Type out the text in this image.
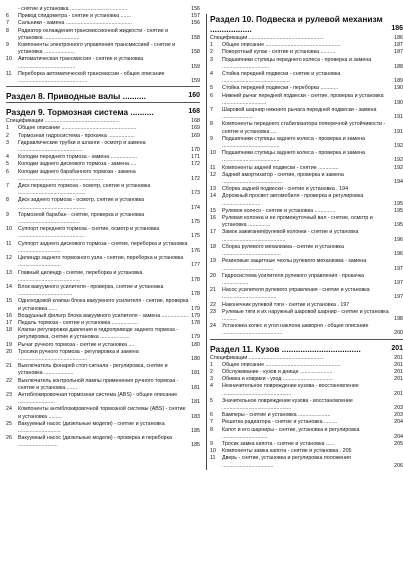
- снятие и установка .......................................	156
6	Привод спидометра - снятие и установка .......	157
7	Сальники - замена .............................................	156
8	Радиатор охлаждения трансмиссионной жидкости - снятие и установка ........................	158
9	Компоненты электронного управления трансмиссией - снятие и установка .....................	158
10	Автоматическая трансмиссия - снятие и установка .......................................	159
11	Переборка автоматической трансмиссии - общее описание ...............................................	159
Раздел 8. Приводные валы ..........	160
Раздел 9. Тормозная система ..........	168
Спецификации ...................................................	168
1	Общее описание ...................................................	169
2	Тормозная гидросистема - прокачка ..................	169
3	Гидравлические трубки и шланги - осмотр и замена ............................................	170
4	Колодки переднего тормоза - замена ..................	171
5	Колодки заднего дискового тормоза - замена ....	172
6	Колодки заднего барабанного тормоза - замена ..........................................................	172
7	Диск переднего тормоза - осмотр, снятие и установка ..............................................	173
8	Диск заднего тормоза - осмотр, снятие и установка ..............................................	174
9	Тормозной барабан - снятие, проверка и установка ..........................................	175
10	Суппорт переднего тормоза - снятие, осмотр и установка .............................................	175
11	Суппорт заднего дискового тормоза - снятие, переборка и установка .............................	176
12	Цилиндр заднего тормозного узла - снятие, переборка и установка .............................	177
13	Главный цилиндр - снятие, переборка и установка ..........................................	178
14	Блок вакуумного усилителя - проверка, снятие и установка .....................................	178
15	Одноходовой клапан блока вакуумного усилителя - снятие, проверка и установка ......	179
16	Воздушный фильтр блока вакуумного усилителя - замена .................. 179
17	Педаль тормоза - снятие и установка ..................	178
18	Клапан регулировки давления в гидроприводе заднего тормоза - регулировка, снятие и установка ....................	179
19	Рычаг ручного тормоза - снятие и установка ....	180
20	Тросики ручного тормоза - регулировка и замена ...............................................	180
21	Выключатель фонарей стоп-сигнала - регулировка, снятие и установка ....................	181
22	Выключатель контрольной лампы применения ручного тормоза - снятие и установка .......	181
23	Антиблокировочная тормозная система (ABS) - общее описание .........................	181
24	Компоненты антиблокировочной тормозной системы (ABS) - снятие и установка .........	183
25	Вакуумный насос (дизельные модели) - снятие и установка .............................	185
26	Вакуумный насос (дизельные модели) - проверка и переборка ...........................	185
Раздел 10. Подвеска и рулевой механизм ..................	186
Спецификации ...................................................	186
1	Общее описание ...................................................	187
2	Поворотный кулак - снятие и установка ..........	187
3	Подшипники ступицы переднего колеса - проверка и замена ................................	188
4	Стойка передней подвески - снятие и установка ..............................................	189
5	Стойка передней подвески - переборка ............	190
6	Нижний рычаг передней подвески - снятие, проверка и установка ..............................	190
7	Шаровой шарнир нижнего рычага передней подвески - замена .....................	191
8	Компоненты переднего стабилизатора поперечной устойчивости - снятие и установка ....	191
9	Подшипники ступицы заднего колеса - проверка и замена .......................................	192
10	Подшипники ступицы заднего колеса - проверка и замена .......................................	192
11	Компоненты задней подвески - снятие ..............	192
12	Задний амортизатор - снятие, проверка и замена .........................................	194
13	Сборка задней подвески - снятие и установка . 194
14	Дорожный просвет автомобиля - проверка и регулировка ..........................	195
15	Рулевое колесо - снятие и установка ..............	195
16	Рулевая колонка и ее промежуточный вал - снятие, осмотр и установка ...............	195
17	Замок зажигания/рулевой колонки - снятие и установка ...........................................	196
18	Сборка рулевого механизма - снятие и установка ........................................	196
19	Резиновые защитные чехлы рулевого механизма - замена ...................................	197
20	Гидросистема усилителя рулевого управления - прокачка ..................	197
21	Насос усилителя рулевого управления - снятие и установка .....................................	197
22	Наконечник рулевой тяги - снятие и установка . 197
23	Рулевые тяги и их наружный шаровой шарнир - снятие и установка ..........	198
24	Установка колес и угол наклона шкворня - общее описание .........................................	200
Раздел 11. Кузов ..................................	201
Спецификации ...................................................	201
1	Общее описание ...................................................	201
2	Обслуживание - кузов и днище ......................	201
3	Обивка и коврики - уход ..................................	201
4	Незначительное повреждение кузова - восстановление ...............................................	201
5	Значительное повреждение кузова - восстановление ...............................................	203
6	Бамперы - снятие и установка ......................	203
7	Решетка радиатора - снятие и установка .........	204
8	Капот и его шарниры - снятие, установка и регулировка ...............................	204
9	Тросик замка капота - снятие и установка ......	205
10	Компоненты замка капота - снятие и установка . 205
11	Дверь - снятие, установка и регулировка положения ...................................	206
